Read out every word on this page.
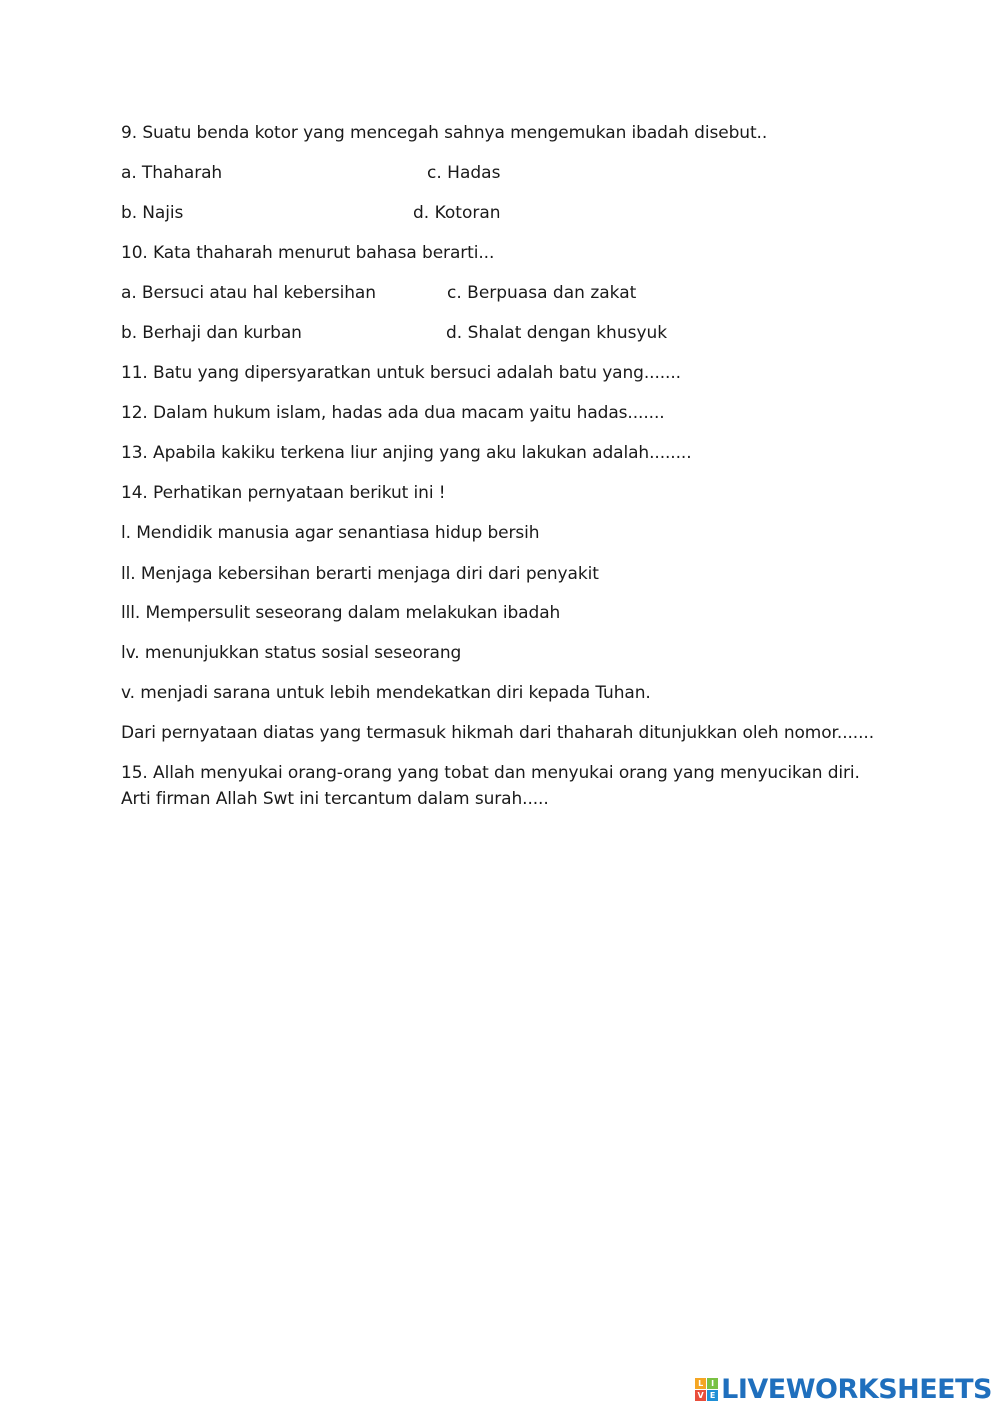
9. Suatu benda kotor yang mencegah sahnya mengemukan ibadah disebut..
a. Thaharah	c. Hadas
b. Najis	d. Kotoran
10. Kata thaharah menurut bahasa berarti...
a. Bersuci atau hal kebersihan	c. Berpuasa dan zakat
b. Berhaji dan kurban	d. Shalat dengan khusyuk
11. Batu yang dipersyaratkan untuk bersuci adalah batu yang.......
12. Dalam hukum islam, hadas ada dua macam yaitu hadas.......
13. Apabila kakiku terkena liur anjing yang aku lakukan adalah........
14. Perhatikan pernyataan berikut ini !
l. Mendidik manusia agar senantiasa hidup bersih
ll. Menjaga kebersihan berarti menjaga diri dari penyakit
lll. Mempersulit seseorang dalam melakukan ibadah
lv. menunjukkan status sosial seseorang
v. menjadi sarana untuk lebih mendekatkan diri kepada Tuhan.
Dari pernyataan diatas yang termasuk hikmah dari thaharah ditunjukkan oleh nomor.......
15. Allah menyukai orang-orang yang tobat dan menyukai orang yang menyucikan diri. Arti firman Allah Swt ini tercantum dalam surah.....
L I
V E LIVEWORKSHEETS
